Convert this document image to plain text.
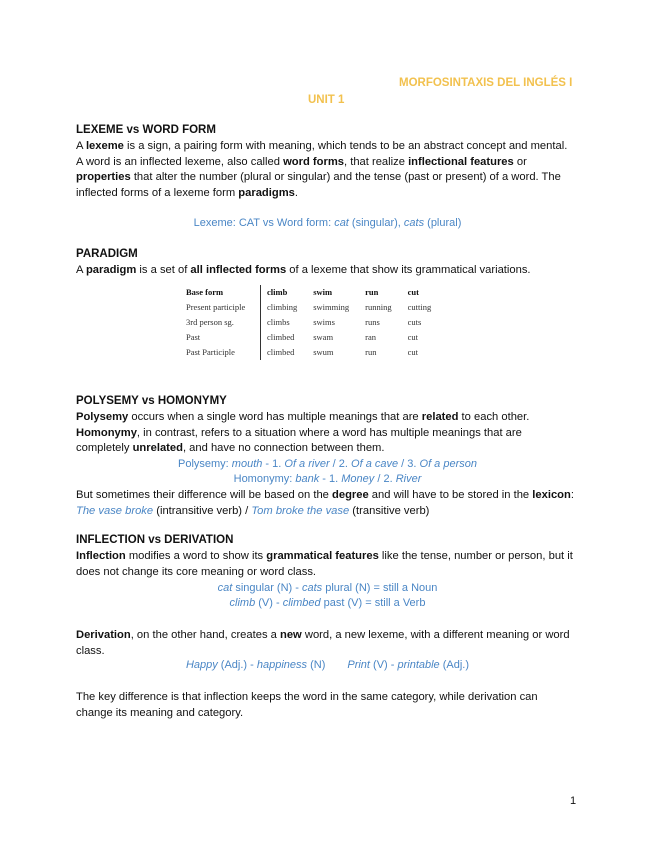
MORFOSINTAXIS DEL INGLÉS I
UNIT 1
LEXEME vs WORD FORM
A lexeme is a sign, a pairing form with meaning, which tends to be an abstract concept and mental. A word is an inflected lexeme, also called word forms, that realize inflectional features or properties that alter the number (plural or singular) and the tense (past or present) of a word. The inflected forms of a lexeme form paradigms.
Lexeme: CAT vs Word form: cat (singular), cats (plural)
PARADIGM
A paradigm is a set of all inflected forms of a lexeme that show its grammatical variations.
Base form	climb	swim	run	cut
Present participle	climbing	swimming	running	cutting
3rd person sg.	climbs	swims	runs	cuts
Past	climbed	swam	ran	cut
Past Participle	climbed	swum	run	cut
POLYSEMY vs HOMONYMY
Polysemy occurs when a single word has multiple meanings that are related to each other.
Homonymy, in contrast, refers to a situation where a word has multiple meanings that are completely unrelated, and have no connection between them.
Polysemy: mouth - 1. Of a river / 2. Of a cave / 3. Of a person
Homonymy: bank - 1. Money / 2. River
But sometimes their difference will be based on the degree and will have to be stored in the lexicon: The vase broke (intransitive verb) / Tom broke the vase (transitive verb)
INFLECTION vs DERIVATION
Inflection modifies a word to show its grammatical features like the tense, number or person, but it does not change its core meaning or word class.
cat singular (N) - cats plural (N) = still a Noun
climb (V) - climbed past (V) = still a Verb
Derivation, on the other hand, creates a new word, a new lexeme, with a different meaning or word class.
Happy (Adj.) - happiness (N) Print (V) - printable (Adj.)
The key difference is that inflection keeps the word in the same category, while derivation can change its meaning and category.
1
